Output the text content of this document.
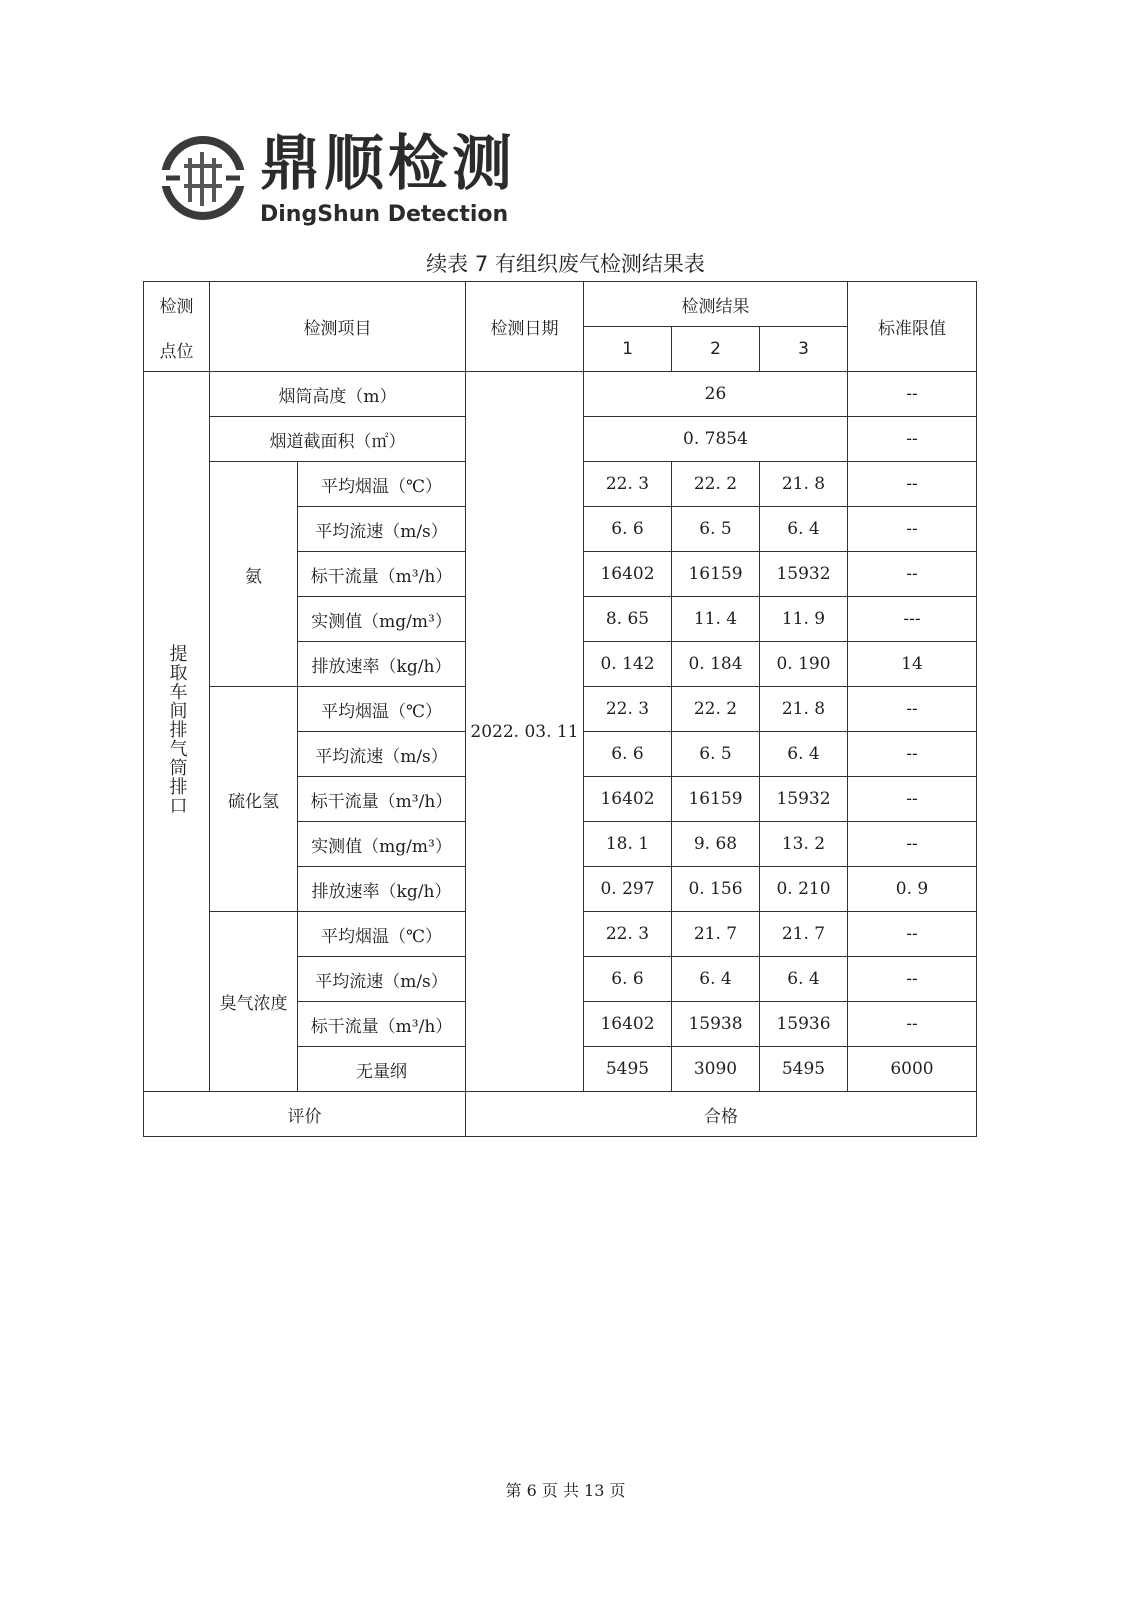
鼎顺检测
DingShun Detection
续表 7 有组织废气检测结果表
检测
点位	检测项目		检测日期	检测结果			标准限值
				1	2	3	
提取车间排气筒排口	烟筒高度（m）		2022. 03. 11	26			--
	烟道截面积（㎡）			0. 7854			--
	氨	平均烟温（℃）		22. 3	22. 2	21. 8	--
		平均流速（m/s）		6. 6	6. 5	6. 4	--
		标干流量（m³/h）		16402	16159	15932	--
		实测值（mg/m³）		8. 65	11. 4	11. 9	---
		排放速率（kg/h）		0. 142	0. 184	0. 190	14
	硫化氢	平均烟温（℃）		22. 3	22. 2	21. 8	--
		平均流速（m/s）		6. 6	6. 5	6. 4	--
		标干流量（m³/h）		16402	16159	15932	--
		实测值（mg/m³）		18. 1	9. 68	13. 2	--
		排放速率（kg/h）		0. 297	0. 156	0. 210	0. 9
	臭气浓度	平均烟温（℃）		22. 3	21. 7	21. 7	--
		平均流速（m/s）		6. 6	6. 4	6. 4	--
		标干流量（m³/h）		16402	15938	15936	--
		无量纲		5495	3090	5495	6000
评价			合格				
第 6 页 共 13 页
